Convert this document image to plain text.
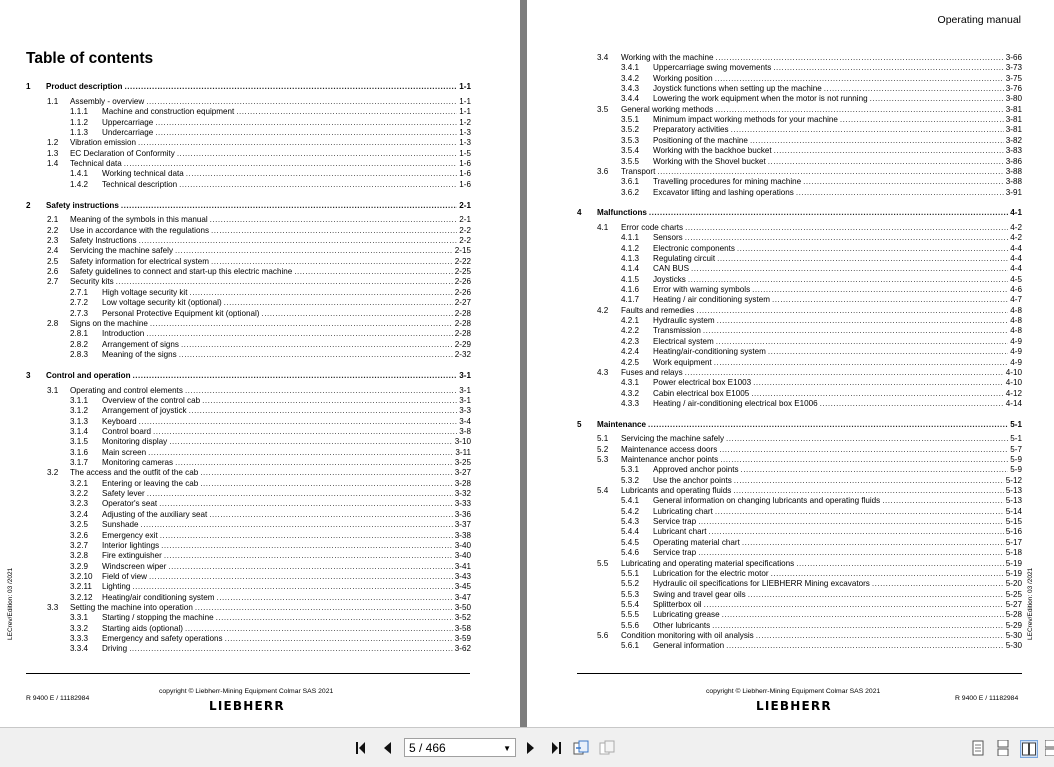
Table of contents
1 Product description .....	1-1
1.1 Assembly - overview .....	1-1
1.1.1 Machine and construction equipment .....	1-1
1.1.2 Uppercarriage .....	1-2
1.1.3 Undercarriage .....	1-3
1.2 Vibration emission .....	1-3
1.3 EC Declaration of Conformity .....	1-5
1.4 Technical data .....	1-6
1.4.1 Working technical data .....	1-6
1.4.2 Technical description .....	1-6
2 Safety instructions .....	2-1
2.1 Meaning of the symbols in this manual .....	2-1
2.2 Use in accordance with the regulations .....	2-2
2.3 Safety Instructions .....	2-2
2.4 Servicing the machine safely .....	2-15
2.5 Safety information for electrical system .....	2-22
2.6 Safety guidelines to connect and start-up this electric machine .....	2-25
2.7 Security kits .....	2-26
2.7.1 High voltage security kit .....	2-26
2.7.2 Low voltage security kit (optional) .....	2-27
2.7.3 Personal Protective Equipment kit (optional) .....	2-28
2.8 Signs on the machine .....	2-28
2.8.1 Introduction .....	2-28
2.8.2 Arrangement of signs .....	2-29
2.8.3 Meaning of the signs .....	2-32
3 Control and operation .....	3-1
3.1 Operating and control elements .....	3-1
3.1.1 Overview of the control cab .....	3-1
3.1.2 Arrangement of joystick .....	3-3
3.1.3 Keyboard .....	3-4
3.1.4 Control board .....	3-8
3.1.5 Monitoring display .....	3-10
3.1.6 Main screen .....	3-11
3.1.7 Monitoring cameras .....	3-25
3.2 The access and the outfit of the cab .....	3-27
3.2.1 Entering or leaving the cab .....	3-28
3.2.2 Safety lever .....	3-32
3.2.3 Operator's seat .....	3-33
3.2.4 Adjusting of the auxiliary seat .....	3-36
3.2.5 Sunshade .....	3-37
3.2.6 Emergency exit .....	3-38
3.2.7 Interior lightings .....	3-40
3.2.8 Fire extinguisher .....	3-40
3.2.9 Windscreen wiper .....	3-41
3.2.10 Field of view .....	3-43
3.2.11 Lighting .....	3-45
3.2.12 Heating/air conditioning system .....	3-47
3.3 Setting the machine into operation .....	3-50
3.3.1 Starting / stopping the machine .....	3-52
3.3.2 Starting aids (optional) .....	3-58
3.3.3 Emergency and safety operations .....	3-59
3.3.4 Driving .....	3-62
R 9400 E / 11182984
copyright © Liebherr-Mining Equipment Colmar SAS 2021
LIEBHERR
LECrev/Edition: 03 /2021
Operating manual
3.4 Working with the machine .....	3-66
3.4.1 Uppercarriage swing movements .....	3-73
3.4.2 Working position .....	3-75
3.4.3 Joystick functions when setting up the machine .....	3-76
3.4.4 Lowering the work equipment when the motor is not running .....	3-80
3.5 General working methods .....	3-81
3.5.1 Minimum impact working methods for your machine .....	3-81
3.5.2 Preparatory activities .....	3-81
3.5.3 Positioning of the machine .....	3-82
3.5.4 Working with the backhoe bucket .....	3-83
3.5.5 Working with the Shovel bucket .....	3-86
3.6 Transport .....	3-88
3.6.1 Travelling procedures for mining machine .....	3-88
3.6.2 Excavator lifting and lashing operations .....	3-91
4 Malfunctions .....	4-1
4.1 Error code charts .....	4-2
4.1.1 Sensors .....	4-2
4.1.2 Electronic components .....	4-4
4.1.3 Regulating circuit .....	4-4
4.1.4 CAN BUS .....	4-4
4.1.5 Joysticks .....	4-5
4.1.6 Error with warning symbols .....	4-6
4.1.7 Heating / air conditioning system .....	4-7
4.2 Faults and remedies .....	4-8
4.2.1 Hydraulic system .....	4-8
4.2.2 Transmission .....	4-8
4.2.3 Electrical system .....	4-9
4.2.4 Heating/air-conditioning system .....	4-9
4.2.5 Work equipment .....	4-9
4.3 Fuses and relays .....	4-10
4.3.1 Power electrical box E1003 .....	4-10
4.3.2 Cabin electrical box E1005 .....	4-12
4.3.3 Heating / air-conditioning electrical box E1006 .....	4-14
5 Maintenance .....	5-1
5.1 Servicing the machine safely .....	5-1
5.2 Maintenance access doors .....	5-7
5.3 Maintenance anchor points .....	5-9
5.3.1 Approved anchor points .....	5-9
5.3.2 Use the anchor points .....	5-12
5.4 Lubricants and operating fluids .....	5-13
5.4.1 General information on changing lubricants and operating fluids .....	5-13
5.4.2 Lubricating chart .....	5-14
5.4.3 Service trap .....	5-15
5.4.4 Lubricant chart .....	5-16
5.4.5 Operating material chart .....	5-17
5.4.6 Service trap .....	5-18
5.5 Lubricating and operating material specifications .....	5-19
5.5.1 Lubrication for the electric motor .....	5-19
5.5.2 Hydraulic oil specifications for LIEBHERR Mining excavators .....	5-20
5.5.3 Swing and travel gear oils .....	5-25
5.5.4 Splitterbox oil .....	5-27
5.5.5 Lubricating grease .....	5-28
5.5.6 Other lubricants .....	5-29
5.6 Condition monitoring with oil analysis .....	5-30
5.6.1 General information .....	5-30
copyright © Liebherr-Mining Equipment Colmar SAS 2021
LIEBHERR
R 9400 E / 11182984
LECrev/Edition: 03 /2021
5 / 466	▼
